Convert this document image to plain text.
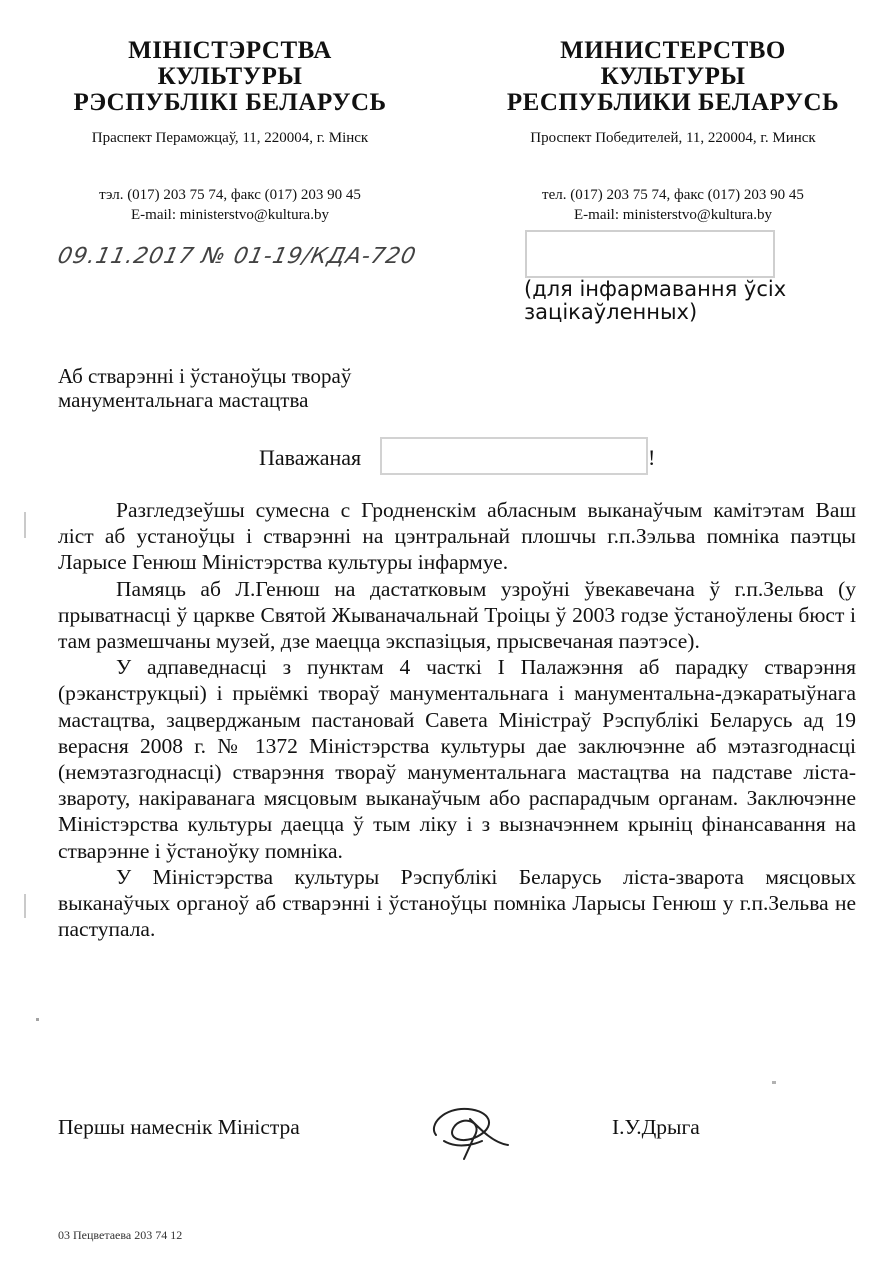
МІНІСТЭРСТВА
КУЛЬТУРЫ
РЭСПУБЛІКІ БЕЛАРУСЬ
МИНИСТЕРСТВО
КУЛЬТУРЫ
РЕСПУБЛИКИ БЕЛАРУСЬ
Праспект Пераможцаў, 11, 220004, г. Мінск	Проспект Победителей, 11, 220004, г. Минск
тэл. (017) 203 75 74, факс (017) 203 90 45
E-mail: ministerstvo@kultura.by
тел. (017) 203 75 74, факс (017) 203 90 45
E-mail: ministerstvo@kultura.by
09.11.2017 № 01-19/КДА-720
(для інфармавання ўсіх зацікаўленных)
Аб стварэнні і ўстаноўцы твораў манументальнага мастацтва
Паважаная	!

Разгледзеўшы сумесна с Гродненскім абласным выканаўчым камітэтам Ваш ліст аб устаноўцы і стварэнні на цэнтральнай плошчы г.п.Зэльва помніка паэтцы Ларысе Генюш Міністэрства культуры інфармуе.

Памяць аб Л.Генюш на дастатковым узроўні ўвекавечана ў г.п.Зельва (у прыватнасці ў царкве Святой Жываначальнай Троіцы ў 2003 годзе ўстаноўлены бюст і там размешчаны музей, дзе маецца экспазіцыя, прысвечаная паэтэсе).

У адпаведнасці з пунктам 4 часткі І Палажэння аб парадку стварэння (рэканструкцыі) і прыёмкі твораў манументальнага і манументальна-дэкаратыўнага мастацтва, зацверджаным пастановай Савета Міністраў Рэспублікі Беларусь ад 19 верасня 2008 г. № 1372 Міністэрства культуры дае заключэнне аб мэтазгоднасці (немэтазгоднасці) стварэння твораў манументальнага мастацтва на падставе ліста-звароту, накіраванага мясцовым выканаўчым або распарадчым органам. Заключэнне Міністэрства культуры даецца ў тым ліку і з вызначэннем крыніц фінансавання на стварэнне і ўстаноўку помніка.

У Міністэрства культуры Рэспублікі Беларусь ліста-зварота мясцовых выканаўчых органоў аб стварэнні і ўстаноўцы помніка Ларысы Генюш у г.п.Зельва не паступала.

Першы намеснік Міністра	І.У.Дрыга
03 Пецветаева 203 74 12
